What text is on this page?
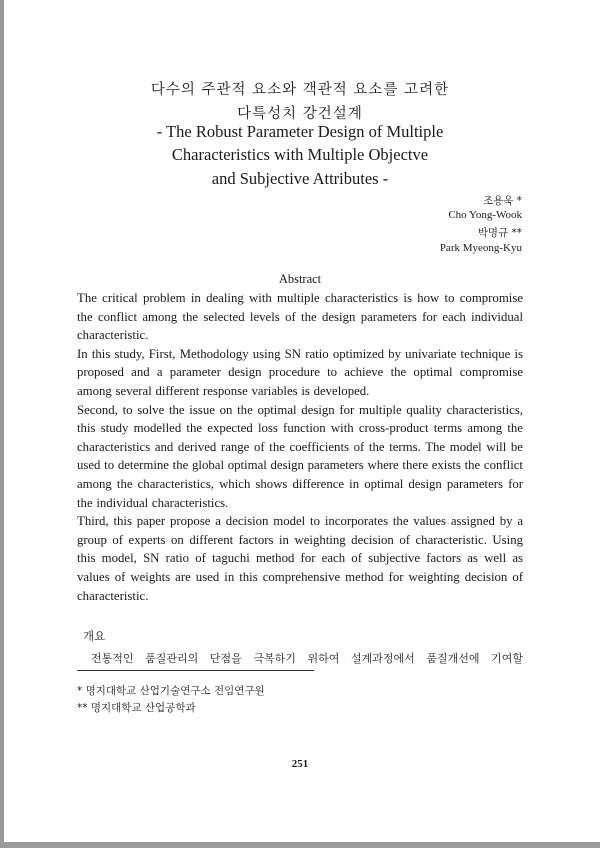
다수의 주관적 요소와 객관적 요소를 고려한
다특성치 강건설계
- The Robust Parameter Design of Multiple
Characteristics with Multiple Objectve
and Subjective Attributes -
조용욱 *
Cho Yong-Wook
박명규 **
Park Myeong-Kyu
Abstract

The critical problem in dealing with multiple characteristics is how to compromise the conflict among the selected levels of the design parameters for each individual characteristic.

In this study, First, Methodology using SN ratio optimized by univariate technique is proposed and a parameter design procedure to achieve the optimal compromise among several different response variables is developed.

Second, to solve the issue on the optimal design for multiple quality characteristics, this study modelled the expected loss function with cross-product terms among the characteristics and derived range of the coefficients of the terms. The model will be used to determine the global optimal design parameters where there exists the conflict among the characteristics, which shows difference in optimal design parameters for the individual characteristics.

Third, this paper propose a decision model to incorporates the values assigned by a group of experts on different factors in weighting decision of characteristic. Using this model, SN ratio of taguchi method for each of subjective factors as well as values of weights are used in this comprehensive method for weighting decision of characteristic.

개요
전통적인 품질관리의 단점을 극복하기 위하여 설계과정에서 품질개선에 기여할
* 명지대학교 산업기술연구소 전임연구원
** 명지대학교 산업공학과
251
